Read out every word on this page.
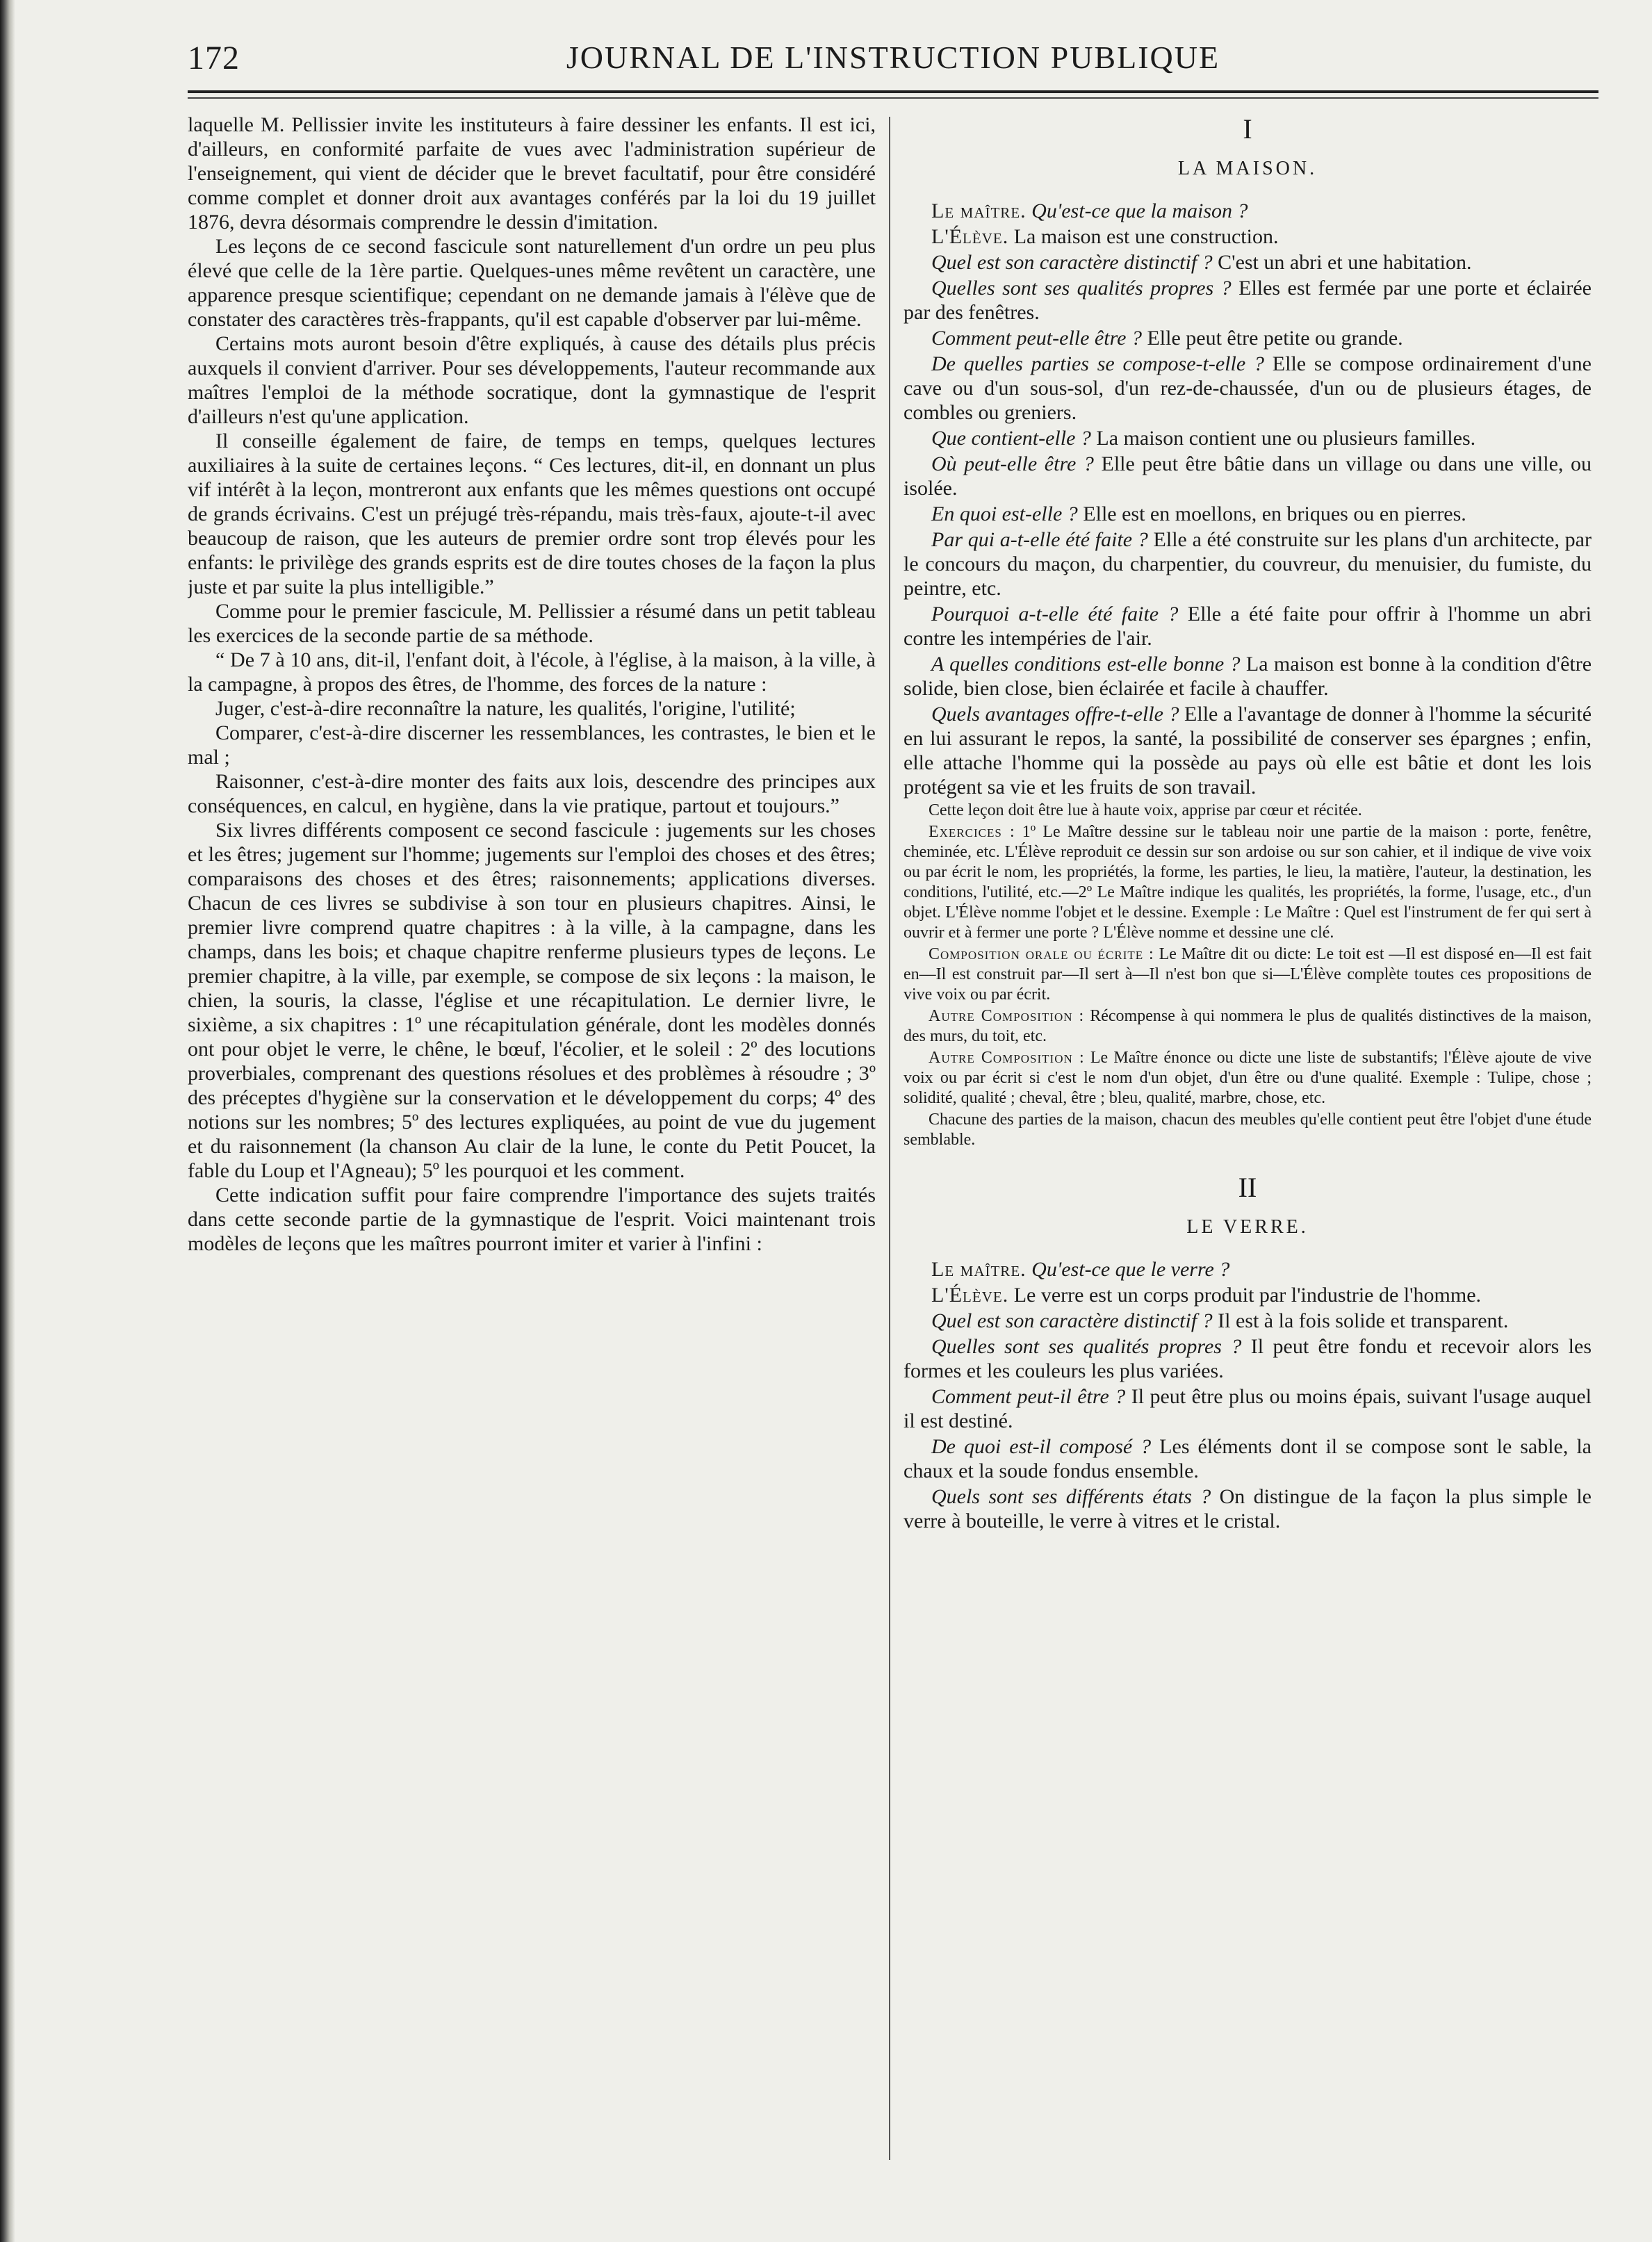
172	JOURNAL DE L'INSTRUCTION PUBLIQUE

laquelle M. Pellissier invite les instituteurs à faire dessiner les enfants. Il est ici, d'ailleurs, en conformité parfaite de vues avec l'administration supérieur de l'enseignement, qui vient de décider que le brevet facultatif, pour être considéré comme complet et donner droit aux avantages conférés par la loi du 19 juillet 1876, devra désormais comprendre le dessin d'imitation.

Les leçons de ce second fascicule sont naturellement d'un ordre un peu plus élevé que celle de la 1ère partie. Quelques-unes même revêtent un caractère, une apparence presque scientifique; cependant on ne demande jamais à l'élève que de constater des caractères très-frappants, qu'il est capable d'observer par lui-même.

Certains mots auront besoin d'être expliqués, à cause des détails plus précis auxquels il convient d'arriver. Pour ses développements, l'auteur recommande aux maîtres l'emploi de la méthode socratique, dont la gymnastique de l'esprit d'ailleurs n'est qu'une application.

Il conseille également de faire, de temps en temps, quelques lectures auxiliaires à la suite de certaines leçons. “ Ces lectures, dit-il, en donnant un plus vif intérêt à la leçon, montreront aux enfants que les mêmes questions ont occupé de grands écrivains. C'est un préjugé très-répandu, mais très-faux, ajoute-t-il avec beaucoup de raison, que les auteurs de premier ordre sont trop élevés pour les enfants: le privilège des grands esprits est de dire toutes choses de la façon la plus juste et par suite la plus intelligible.”

Comme pour le premier fascicule, M. Pellissier a résumé dans un petit tableau les exercices de la seconde partie de sa méthode.

“ De 7 à 10 ans, dit-il, l'enfant doit, à l'école, à l'église, à la maison, à la ville, à la campagne, à propos des êtres, de l'homme, des forces de la nature :

Juger, c'est-à-dire reconnaître la nature, les qualités, l'origine, l'utilité;

Comparer, c'est-à-dire discerner les ressemblances, les contrastes, le bien et le mal ;

Raisonner, c'est-à-dire monter des faits aux lois, descendre des principes aux conséquences, en calcul, en hygiène, dans la vie pratique, partout et toujours.”

Six livres différents composent ce second fascicule : jugements sur les choses et les êtres; jugement sur l'homme; jugements sur l'emploi des choses et des êtres; comparaisons des choses et des êtres; raisonnements; applications diverses. Chacun de ces livres se subdivise à son tour en plusieurs chapitres. Ainsi, le premier livre comprend quatre chapitres : à la ville, à la campagne, dans les champs, dans les bois; et chaque chapitre renferme plusieurs types de leçons. Le premier chapitre, à la ville, par exemple, se compose de six leçons : la maison, le chien, la souris, la classe, l'église et une récapitulation. Le dernier livre, le sixième, a six chapitres : 1º une récapitulation générale, dont les modèles donnés ont pour objet le verre, le chêne, le bœuf, l'écolier, et le soleil : 2º des locutions proverbiales, comprenant des questions résolues et des problèmes à résoudre ; 3º des préceptes d'hygiène sur la conservation et le développement du corps; 4º des notions sur les nombres; 5º des lectures expliquées, au point de vue du jugement et du raisonnement (la chanson Au clair de la lune, le conte du Petit Poucet, la fable du Loup et l'Agneau); 5º les pourquoi et les comment.

Cette indication suffit pour faire comprendre l'importance des sujets traités dans cette seconde partie de la gymnastique de l'esprit. Voici maintenant trois modèles de leçons que les maîtres pourront imiter et varier à l'infini :

I

LA MAISON.

Le maître. Qu'est-ce que la maison ?

L'Élève. La maison est une construction.

Quel est son caractère distinctif ? C'est un abri et une habitation.

Quelles sont ses qualités propres ? Elles est fermée par une porte et éclairée par des fenêtres.

Comment peut-elle être ? Elle peut être petite ou grande.

De quelles parties se compose-t-elle ? Elle se compose ordinairement d'une cave ou d'un sous-sol, d'un rez-de-chaussée, d'un ou de plusieurs étages, de combles ou greniers.

Que contient-elle ? La maison contient une ou plusieurs familles.

Où peut-elle être ? Elle peut être bâtie dans un village ou dans une ville, ou isolée.

En quoi est-elle ? Elle est en moellons, en briques ou en pierres.

Par qui a-t-elle été faite ? Elle a été construite sur les plans d'un architecte, par le concours du maçon, du charpentier, du couvreur, du menuisier, du fumiste, du peintre, etc.

Pourquoi a-t-elle été faite ? Elle a été faite pour offrir à l'homme un abri contre les intempéries de l'air.

A quelles conditions est-elle bonne ? La maison est bonne à la condition d'être solide, bien close, bien éclairée et facile à chauffer.

Quels avantages offre-t-elle ? Elle a l'avantage de donner à l'homme la sécurité en lui assurant le repos, la santé, la possibilité de conserver ses épargnes ; enfin, elle attache l'homme qui la possède au pays où elle est bâtie et dont les lois protégent sa vie et les fruits de son travail.

Cette leçon doit être lue à haute voix, apprise par cœur et récitée.

Exercices : 1º Le Maître dessine sur le tableau noir une partie de la maison : porte, fenêtre, cheminée, etc. L'Élève reproduit ce dessin sur son ardoise ou sur son cahier, et il indique de vive voix ou par écrit le nom, les propriétés, la forme, les parties, le lieu, la matière, l'auteur, la destination, les conditions, l'utilité, etc.—2º Le Maître indique les qualités, les propriétés, la forme, l'usage, etc., d'un objet. L'Élève nomme l'objet et le dessine. Exemple : Le Maître : Quel est l'instrument de fer qui sert à ouvrir et à fermer une porte ? L'Élève nomme et dessine une clé.

Composition orale ou écrite : Le Maître dit ou dicte: Le toit est —Il est disposé en—Il est fait en—Il est construit par—Il sert à—Il n'est bon que si—L'Élève complète toutes ces propositions de vive voix ou par écrit.

Autre Composition : Récompense à qui nommera le plus de qualités distinctives de la maison, des murs, du toit, etc.

Autre Composition : Le Maître énonce ou dicte une liste de substantifs; l'Élève ajoute de vive voix ou par écrit si c'est le nom d'un objet, d'un être ou d'une qualité. Exemple : Tulipe, chose ; solidité, qualité ; cheval, être ; bleu, qualité, marbre, chose, etc.

Chacune des parties de la maison, chacun des meubles qu'elle contient peut être l'objet d'une étude semblable.

II

LE VERRE.

Le maître. Qu'est-ce que le verre ?

L'Élève. Le verre est un corps produit par l'industrie de l'homme.

Quel est son caractère distinctif ? Il est à la fois solide et transparent.

Quelles sont ses qualités propres ? Il peut être fondu et recevoir alors les formes et les couleurs les plus variées.

Comment peut-il être ? Il peut être plus ou moins épais, suivant l'usage auquel il est destiné.

De quoi est-il composé ? Les éléments dont il se compose sont le sable, la chaux et la soude fondus ensemble.

Quels sont ses différents états ? On distingue de la façon la plus simple le verre à bouteille, le verre à vitres et le cristal.
